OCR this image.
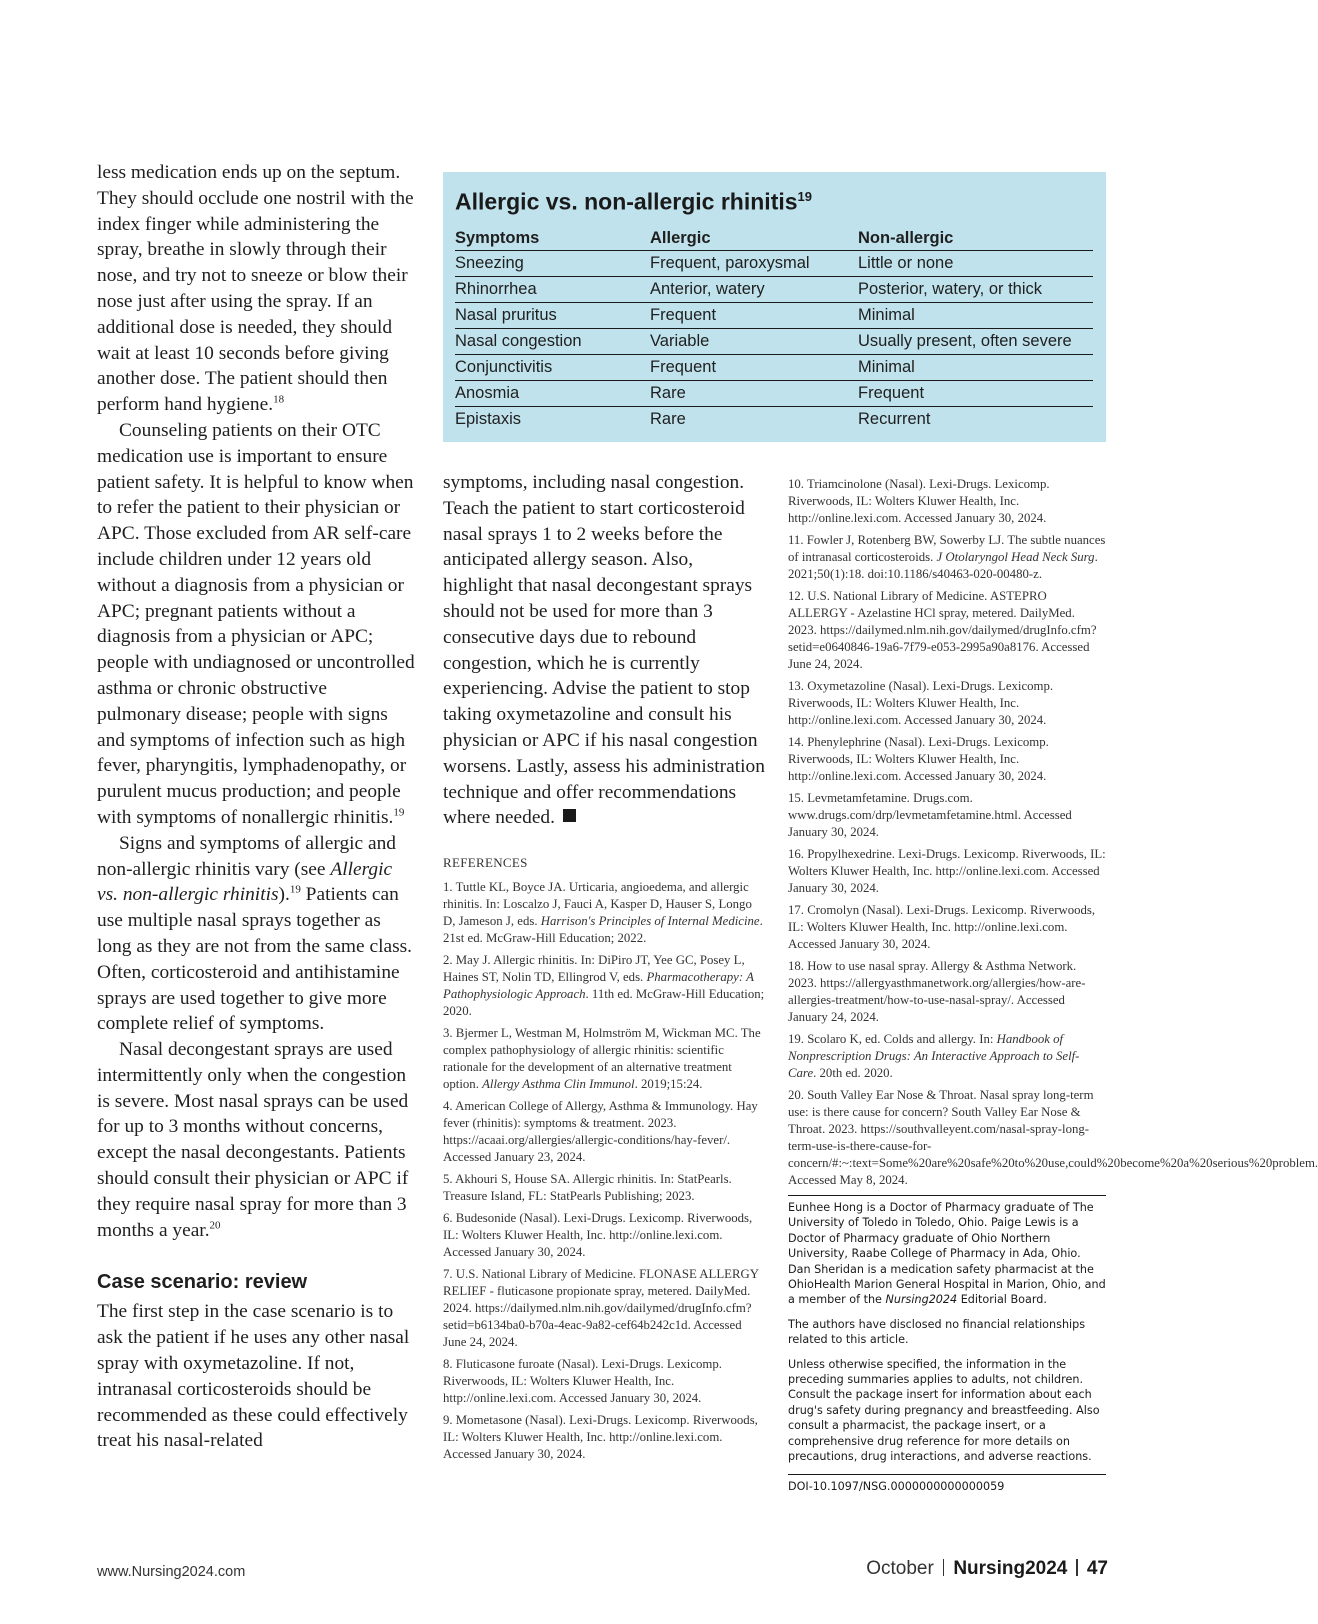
less medication ends up on the septum. They should occlude one nostril with the index finger while administering the spray, breathe in slowly through their nose, and try not to sneeze or blow their nose just after using the spray. If an additional dose is needed, they should wait at least 10 seconds before giving another dose. The patient should then perform hand hygiene.$^{18}$

Counseling patients on their OTC medication use is important to ensure patient safety. It is helpful to know when to refer the patient to their physician or APC. Those excluded from AR self-care include children under 12 years old without a diagnosis from a physician or APC; pregnant patients without a diagnosis from a physician or APC; people with undiagnosed or uncontrolled asthma or chronic obstructive pulmonary disease; people with signs and symptoms of infection such as high fever, pharyngitis, lymphadenopathy, or purulent mucus production; and people with symptoms of nonallergic rhinitis.$^{19}$

Signs and symptoms of allergic and non-allergic rhinitis vary (see Allergic vs. non-allergic rhinitis).$^{19}$ Patients can use multiple nasal sprays together as long as they are not from the same class. Often, corticosteroid and antihistamine sprays are used together to give more complete relief of symptoms.

Nasal decongestant sprays are used intermittently only when the congestion is severe. Most nasal sprays can be used for up to 3 months without concerns, except the nasal decongestants. Patients should consult their physician or APC if they require nasal spray for more than 3 months a year.$^{20}$

Case scenario: review

The first step in the case scenario is to ask the patient if he uses any other nasal spray with oxymetazoline. If not, intranasal corticosteroids should be recommended as these could effectively treat his nasal-related

Allergic vs. non-allergic rhinitis$^{19}$
Symptoms	Allergic	Non-allergic
Sneezing	Frequent, paroxysmal	Little or none
Rhinorrhea	Anterior, watery	Posterior, watery, or thick
Nasal pruritus	Frequent	Minimal
Nasal congestion	Variable	Usually present, often severe
Conjunctivitis	Frequent	Minimal
Anosmia	Rare	Frequent
Epistaxis	Rare	Recurrent

symptoms, including nasal congestion. Teach the patient to start corticosteroid nasal sprays 1 to 2 weeks before the anticipated allergy season. Also, highlight that nasal decongestant sprays should not be used for more than 3 consecutive days due to rebound congestion, which he is currently experiencing. Advise the patient to stop taking oxymetazoline and consult his physician or APC if his nasal congestion worsens. Lastly, assess his administration technique and offer recommendations where needed.

REFERENCES

1. Tuttle KL, Boyce JA. Urticaria, angioedema, and allergic rhinitis. In: Loscalzo J, Fauci A, Kasper D, Hauser S, Longo D, Jameson J, eds. Harrison's Principles of Internal Medicine. 21st ed. McGraw-Hill Education; 2022.

2. May J. Allergic rhinitis. In: DiPiro JT, Yee GC, Posey L, Haines ST, Nolin TD, Ellingrod V, eds. Pharmacotherapy: A Pathophysiologic Approach. 11th ed. McGraw-Hill Education; 2020.

3. Bjermer L, Westman M, Holmström M, Wickman MC. The complex pathophysiology of allergic rhinitis: scientific rationale for the development of an alternative treatment option. Allergy Asthma Clin Immunol. 2019;15:24.

4. American College of Allergy, Asthma & Immunology. Hay fever (rhinitis): symptoms & treatment. 2023. https://acaai.org/allergies/allergic-conditions/hay-fever/. Accessed January 23, 2024.

5. Akhouri S, House SA. Allergic rhinitis. In: StatPearls. Treasure Island, FL: StatPearls Publishing; 2023.

6. Budesonide (Nasal). Lexi-Drugs. Lexicomp. Riverwoods, IL: Wolters Kluwer Health, Inc. http://online.lexi.com. Accessed January 30, 2024.

7. U.S. National Library of Medicine. FLONASE ALLERGY RELIEF - fluticasone propionate spray, metered. DailyMed. 2024. https://dailymed.nlm.nih.gov/dailymed/drugInfo.cfm?setid=b6134ba0-b70a-4eac-9a82-cef64b242c1d. Accessed June 24, 2024.

8. Fluticasone furoate (Nasal). Lexi-Drugs. Lexicomp. Riverwoods, IL: Wolters Kluwer Health, Inc. http://online.lexi.com. Accessed January 30, 2024.

9. Mometasone (Nasal). Lexi-Drugs. Lexicomp. Riverwoods, IL: Wolters Kluwer Health, Inc. http://online.lexi.com. Accessed January 30, 2024.

10. Triamcinolone (Nasal). Lexi-Drugs. Lexicomp. Riverwoods, IL: Wolters Kluwer Health, Inc. http://online.lexi.com. Accessed January 30, 2024.

11. Fowler J, Rotenberg BW, Sowerby LJ. The subtle nuances of intranasal corticosteroids. J Otolaryngol Head Neck Surg. 2021;50(1):18. doi:10.1186/s40463-020-00480-z.

12. U.S. National Library of Medicine. ASTEPRO ALLERGY - Azelastine HCl spray, metered. DailyMed. 2023. https://dailymed.nlm.nih.gov/dailymed/drugInfo.cfm?setid=e0640846-19a6-7f79-e053-2995a90a8176. Accessed June 24, 2024.

13. Oxymetazoline (Nasal). Lexi-Drugs. Lexicomp. Riverwoods, IL: Wolters Kluwer Health, Inc. http://online.lexi.com. Accessed January 30, 2024.

14. Phenylephrine (Nasal). Lexi-Drugs. Lexicomp. Riverwoods, IL: Wolters Kluwer Health, Inc. http://online.lexi.com. Accessed January 30, 2024.

15. Levmetamfetamine. Drugs.com. www.drugs.com/drp/levmetamfetamine.html. Accessed January 30, 2024.

16. Propylhexedrine. Lexi-Drugs. Lexicomp. Riverwoods, IL: Wolters Kluwer Health, Inc. http://online.lexi.com. Accessed January 30, 2024.

17. Cromolyn (Nasal). Lexi-Drugs. Lexicomp. Riverwoods, IL: Wolters Kluwer Health, Inc. http://online.lexi.com. Accessed January 30, 2024.

18. How to use nasal spray. Allergy & Asthma Network. 2023. https://allergyasthmanetwork.org/allergies/how-are-allergies-treatment/how-to-use-nasal-spray/. Accessed January 24, 2024.

19. Scolaro K, ed. Colds and allergy. In: Handbook of Nonprescription Drugs: An Interactive Approach to Self-Care. 20th ed. 2020.

20. South Valley Ear Nose & Throat. Nasal spray long-term use: is there cause for concern? South Valley Ear Nose & Throat. 2023. https://southvalleyent.com/nasal-spray-long-term-use-is-there-cause-for-concern/#:~:text=Some%20are%20safe%20to%20use,could%20become%20a%20serious%20problem. Accessed May 8, 2024.

Eunhee Hong is a Doctor of Pharmacy graduate of The University of Toledo in Toledo, Ohio. Paige Lewis is a Doctor of Pharmacy graduate of Ohio Northern University, Raabe College of Pharmacy in Ada, Ohio. Dan Sheridan is a medication safety pharmacist at the OhioHealth Marion General Hospital in Marion, Ohio, and a member of the Nursing2024 Editorial Board.

The authors have disclosed no financial relationships related to this article.

Unless otherwise specified, the information in the preceding summaries applies to adults, not children. Consult the package insert for information about each drug's safety during pregnancy and breastfeeding. Also consult a pharmacist, the package insert, or a comprehensive drug reference for more details on precautions, drug interactions, and adverse reactions.

DOI-10.1097/NSG.0000000000000059
www.Nursing2024.com	October Nursing2024 47
